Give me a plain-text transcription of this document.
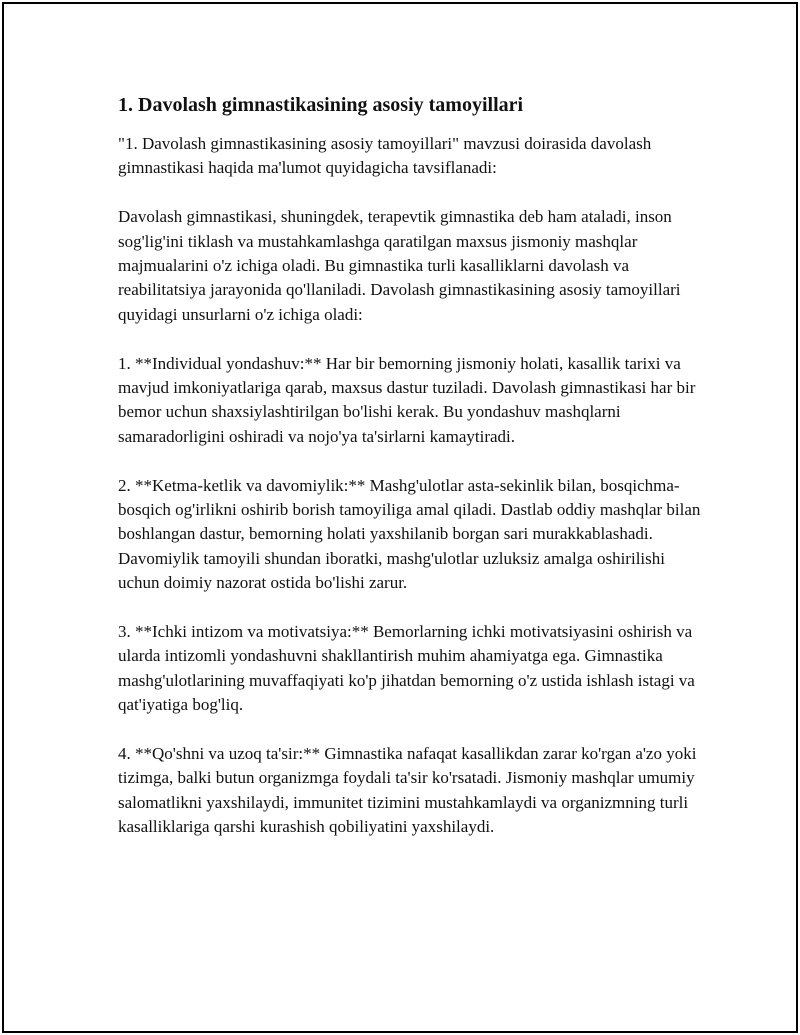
1. Davolash gimnastikasining asosiy tamoyillari

"1. Davolash gimnastikasining asosiy tamoyillari" mavzusi doirasida davolash gimnastikasi haqida ma'lumot quyidagicha tavsiflanadi:

Davolash gimnastikasi, shuningdek, terapevtik gimnastika deb ham ataladi, inson sog'lig'ini tiklash va mustahkamlashga qaratilgan maxsus jismoniy mashqlar majmualarini o'z ichiga oladi. Bu gimnastika turli kasalliklarni davolash va reabilitatsiya jarayonida qo'llaniladi. Davolash gimnastikasining asosiy tamoyillari quyidagi unsurlarni o'z ichiga oladi:

1. **Individual yondashuv:** Har bir bemorning jismoniy holati, kasallik tarixi va mavjud imkoniyatlariga qarab, maxsus dastur tuziladi. Davolash gimnastikasi har bir bemor uchun shaxsiylashtirilgan bo'lishi kerak. Bu yondashuv mashqlarni samaradorligini oshiradi va nojo'ya ta'sirlarni kamaytiradi.

2. **Ketma-ketlik va davomiylik:** Mashg'ulotlar asta-sekinlik bilan, bosqichma-bosqich og'irlikni oshirib borish tamoyiliga amal qiladi. Dastlab oddiy mashqlar bilan boshlangan dastur, bemorning holati yaxshilanib borgan sari murakkablashadi. Davomiylik tamoyili shundan iboratki, mashg'ulotlar uzluksiz amalga oshirilishi uchun doimiy nazorat ostida bo'lishi zarur.

3. **Ichki intizom va motivatsiya:** Bemorlarning ichki motivatsiyasini oshirish va ularda intizomli yondashuvni shakllantirish muhim ahamiyatga ega. Gimnastika mashg'ulotlarining muvaffaqiyati ko'p jihatdan bemorning o'z ustida ishlash istagi va qat'iyatiga bog'liq.

4. **Qo'shni va uzoq ta'sir:** Gimnastika nafaqat kasallikdan zarar ko'rgan a'zo yoki tizimga, balki butun organizmga foydali ta'sir ko'rsatadi. Jismoniy mashqlar umumiy salomatlikni yaxshilaydi, immunitet tizimini mustahkamlaydi va organizmning turli kasalliklariga qarshi kurashish qobiliyatini yaxshilaydi.
